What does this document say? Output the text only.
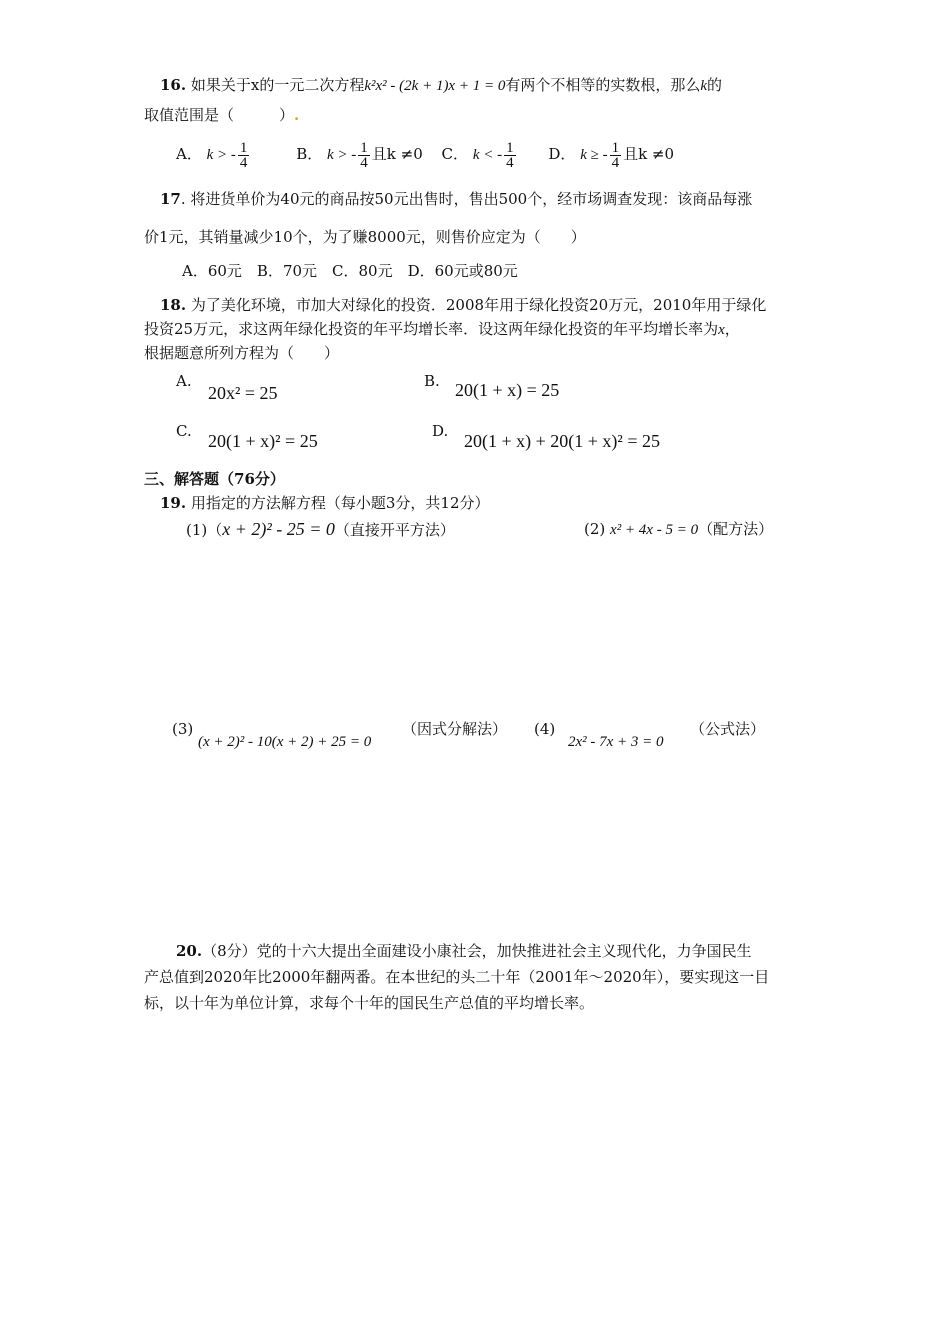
16. 如果关于x的一元二次方程k²x² - (2k + 1)x + 1 = 0有两个不相等的实数根，那么k的
取值范围是（　　　）.
A． k > - $\frac{1}{4}$	B． k > - $\frac{1}{4}$ 且k ≠0 C． k < - $\frac{1}{4}$ D． k ≥ - $\frac{1}{4}$ 且k ≠0
17. 将进货单价为40元的商品按50元出售时，售出500个，经市场调查发现：该商品每涨
价1元，其销量减少10个，为了赚8000元，则售价应定为（　　）
A．60元　B．70元　C．80元　D．60元或80元
18. 为了美化环境，市加大对绿化的投资．2008年用于绿化投资20万元，2010年用于绿化
投资25万元，求这两年绿化投资的年平均增长率．设这两年绿化投资的年平均增长率为x，
根据题意所列方程为（　　）
A.
20x² = 25
B. 20(1 + x) = 25
C. 20(1 + x)² = 25	D. 20(1 + x) + 20(1 + x)² = 25
三、解答题（76分）
19. 用指定的方法解方程（每小题3分，共12分）
(1)（x + 2)² - 25 = 0（直接开平方法）	(2) x² + 4x - 5 = 0（配方法）
(3)
(x + 2)² - 10(x + 2) + 25 = 0
（因式分解法） (4)
2x² - 7x + 3 = 0
（公式法）
20.（8分）党的十六大提出全面建设小康社会，加快推进社会主义现代化，力争国民生
产总值到2020年比2000年翻两番。在本世纪的头二十年（2001年～2020年），要实现这一目
标，以十年为单位计算，求每个十年的国民生产总值的平均增长率。
